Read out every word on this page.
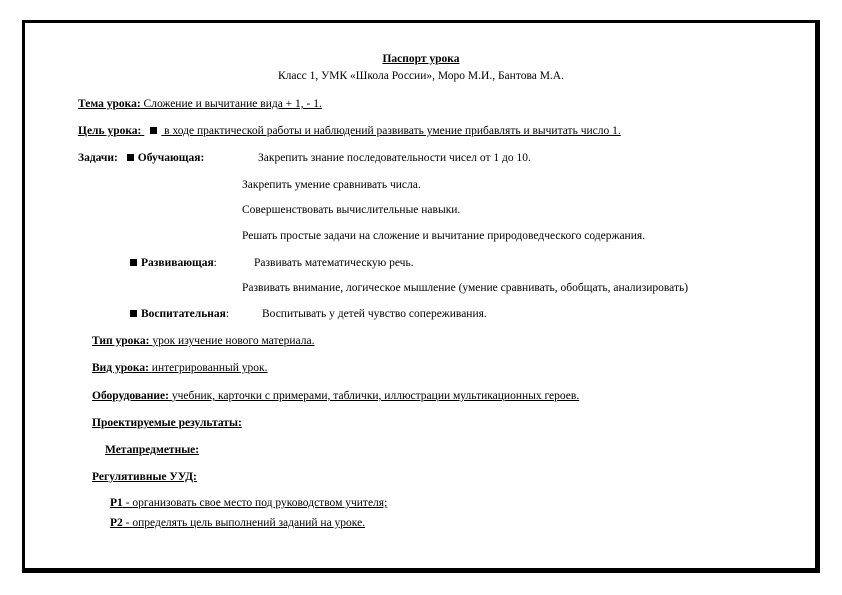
Паспорт урока
Класс 1, УМК «Школа России», Моро М.И., Бантова М.А.
Тема урока: Сложение и вычитание вида + 1, - 1.
Цель урока: в ходе практической работы и наблюдений развивать умение прибавлять и вычитать число 1.
Задачи: Обучающая:	Закрепить знание последовательности чисел от 1 до 10.
Закрепить умение сравнивать числа.
Совершенствовать вычислительные навыки.
Решать простые задачи на сложение и вычитание природоведческого содержания.
Развивающая:	Развивать математическую речь.
Развивать внимание, логическое мышление (умение сравнивать, обобщать, анализировать)
Воспитательная:	Воспитывать у детей чувство сопереживания.
Тип урока: урок изучение нового материала.
Вид урока: интегрированный урок.
Оборудование: учебник, карточки с примерами, таблички, иллюстрации мультикационных героев.
Проектируемые результаты:
Метапредметные:
Регулятивные УУД:
Р1 - организовать свое место под руководством учителя;
Р2 - определять цель выполнений заданий на уроке.
